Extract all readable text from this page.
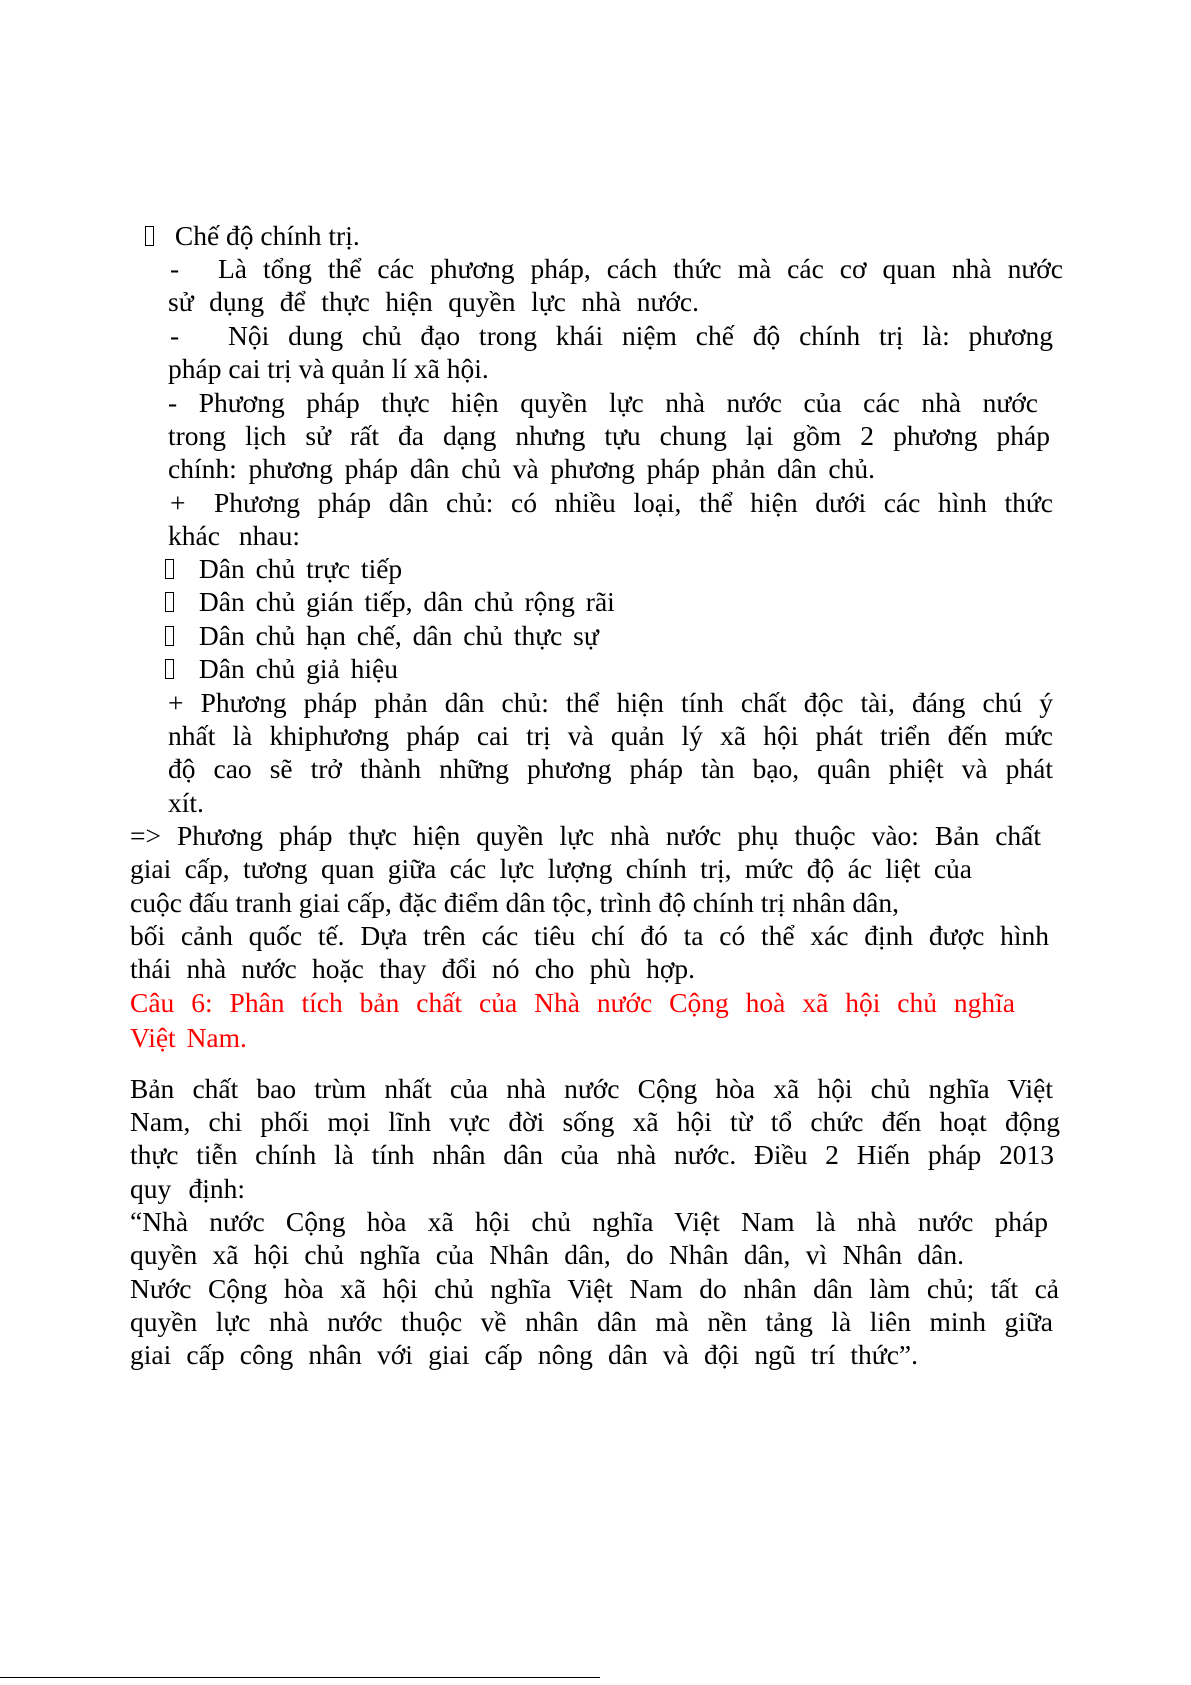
Chế độ chính trị.
- Là tổng thể các phương pháp, cách thức mà các cơ quan nhà nước
sử dụng để thực hiện quyền lực nhà nước.
- Nội dung chủ đạo trong khái niệm chế độ chính trị là: phương
pháp cai trị và quản lí xã hội.
- Phương pháp thực hiện quyền lực nhà nước của các nhà nước
trong lịch sử rất đa dạng nhưng tựu chung lại gồm 2 phương pháp
chính: phương pháp dân chủ và phương pháp phản dân chủ.
+ Phương pháp dân chủ: có nhiều loại, thể hiện dưới các hình thức
khác nhau:
Dân chủ trực tiếp
Dân chủ gián tiếp, dân chủ rộng rãi
Dân chủ hạn chế, dân chủ thực sự
Dân chủ giả hiệu
+ Phương pháp phản dân chủ: thể hiện tính chất độc tài, đáng chú ý
nhất là khiphương pháp cai trị và quản lý xã hội phát triển đến mức
độ cao sẽ trở thành những phương pháp tàn bạo, quân phiệt và phát
xít.
=> Phương pháp thực hiện quyền lực nhà nước phụ thuộc vào: Bản chất
giai cấp, tương quan giữa các lực lượng chính trị, mức độ ác liệt của
cuộc đấu tranh giai cấp, đặc điểm dân tộc, trình độ chính trị nhân dân,
bối cảnh quốc tế. Dựa trên các tiêu chí đó ta có thể xác định được hình
thái nhà nước hoặc thay đổi nó cho phù hợp.
Câu 6: Phân tích bản chất của Nhà nước Cộng hoà xã hội chủ nghĩa
Việt Nam.
Bản chất bao trùm nhất của nhà nước Cộng hòa xã hội chủ nghĩa Việt
Nam, chi phối mọi lĩnh vực đời sống xã hội từ tổ chức đến hoạt động
thực tiễn chính là tính nhân dân của nhà nước. Điều 2 Hiến pháp 2013
quy định:
“Nhà nước Cộng hòa xã hội chủ nghĩa Việt Nam là nhà nước pháp
quyền xã hội chủ nghĩa của Nhân dân, do Nhân dân, vì Nhân dân.
Nước Cộng hòa xã hội chủ nghĩa Việt Nam do nhân dân làm chủ; tất cả
quyền lực nhà nước thuộc về nhân dân mà nền tảng là liên minh giữa
giai cấp công nhân với giai cấp nông dân và đội ngũ trí thức”.
